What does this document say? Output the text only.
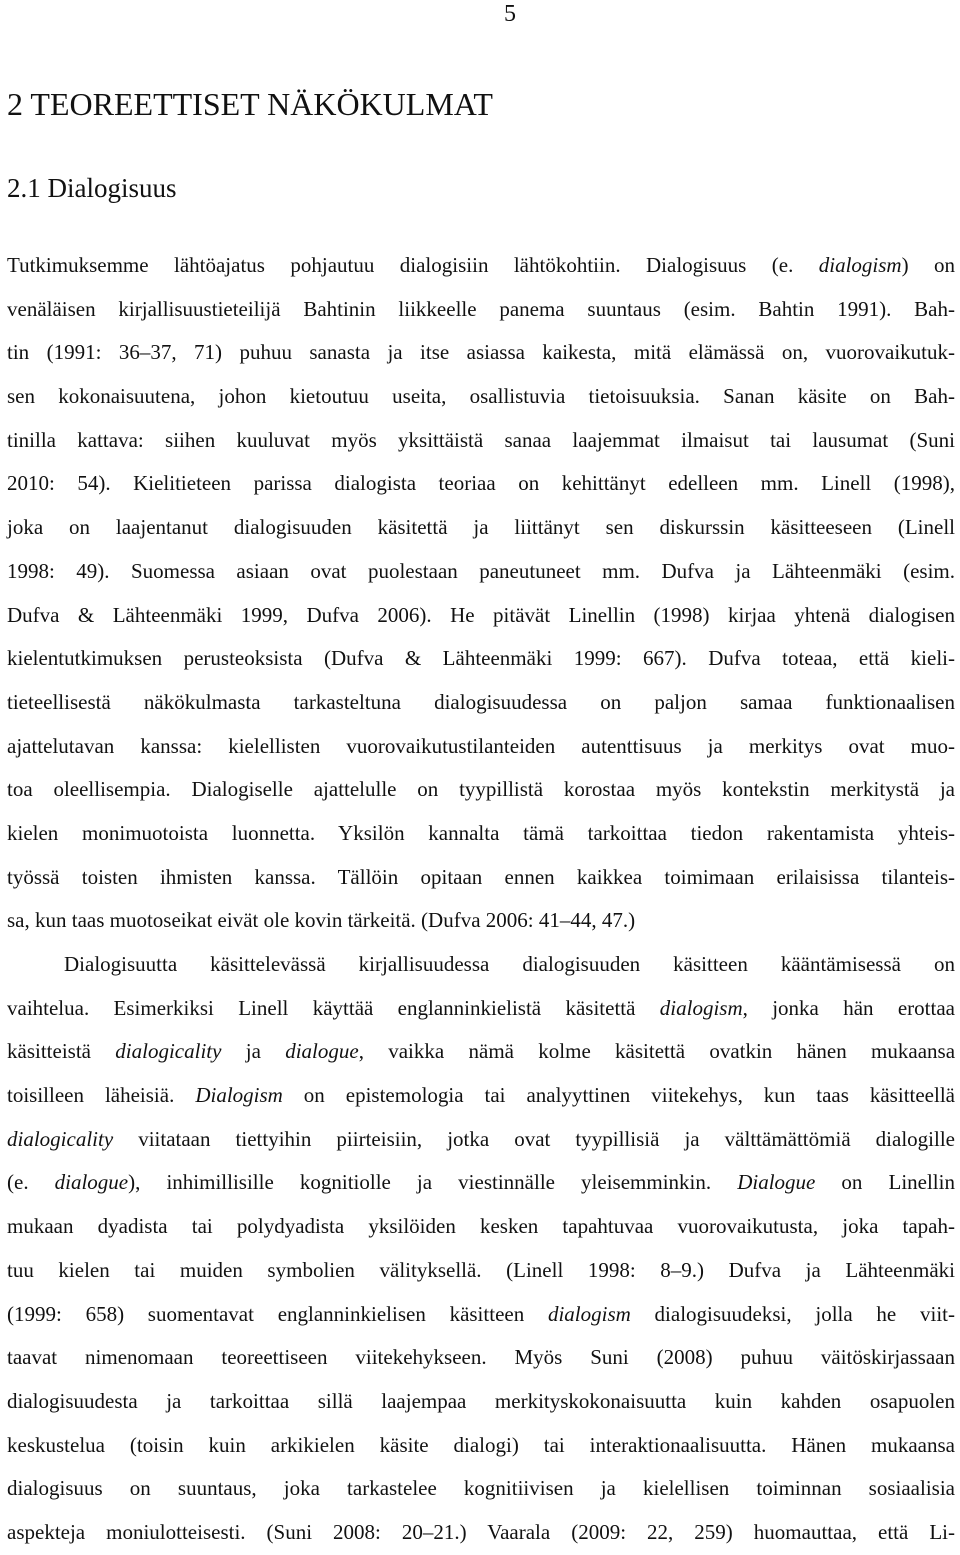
5
2 TEOREETTISET NÄKÖKULMAT
2.1 Dialogisuus
Tutkimuksemme lähtöajatus pohjautuu dialogisiin lähtökohtiin. Dialogisuus (e. dialogism) on
venäläisen kirjallisuustieteilijä Bahtinin liikkeelle panema suuntaus (esim. Bahtin 1991). Bah-
tin (1991: 36–37, 71) puhuu sanasta ja itse asiassa kaikesta, mitä elämässä on, vuorovaikutuk-
sen kokonaisuutena, johon kietoutuu useita, osallistuvia tietoisuuksia. Sanan käsite on Bah-
tinilla kattava: siihen kuuluvat myös yksittäistä sanaa laajemmat ilmaisut tai lausumat (Suni
2010: 54). Kielitieteen parissa dialogista teoriaa on kehittänyt edelleen mm. Linell (1998),
joka on laajentanut dialogisuuden käsitettä ja liittänyt sen diskurssin käsitteeseen (Linell
1998: 49). Suomessa asiaan ovat puolestaan paneutuneet mm. Dufva ja Lähteenmäki (esim.
Dufva & Lähteenmäki 1999, Dufva 2006). He pitävät Linellin (1998) kirjaa yhtenä dialogisen
kielentutkimuksen perusteoksista (Dufva & Lähteenmäki 1999: 667). Dufva toteaa, että kieli-
tieteellisestä näkökulmasta tarkasteltuna dialogisuudessa on paljon samaa funktionaalisen
ajattelutavan kanssa: kielellisten vuorovaikutustilanteiden autenttisuus ja merkitys ovat muo-
toa oleellisempia. Dialogiselle ajattelulle on tyypillistä korostaa myös kontekstin merkitystä ja
kielen monimuotoista luonnetta. Yksilön kannalta tämä tarkoittaa tiedon rakentamista yhteis-
työssä toisten ihmisten kanssa. Tällöin opitaan ennen kaikkea toimimaan erilaisissa tilanteis-
sa, kun taas muotoseikat eivät ole kovin tärkeitä. (Dufva 2006: 41–44, 47.)
Dialogisuutta käsittelevässä kirjallisuudessa dialogisuuden käsitteen kääntämisessä on
vaihtelua. Esimerkiksi Linell käyttää englanninkielistä käsitettä dialogism, jonka hän erottaa
käsitteistä dialogicality ja dialogue, vaikka nämä kolme käsitettä ovatkin hänen mukaansa
toisilleen läheisiä. Dialogism on epistemologia tai analyyttinen viitekehys, kun taas käsitteellä
dialogicality viitataan tiettyihin piirteisiin, jotka ovat tyypillisiä ja välttämättömiä dialogille
(e. dialogue), inhimillisille kognitiolle ja viestinnälle yleisemminkin. Dialogue on Linellin
mukaan dyadista tai polydyadista yksilöiden kesken tapahtuvaa vuorovaikutusta, joka tapah-
tuu kielen tai muiden symbolien välityksellä. (Linell 1998: 8–9.) Dufva ja Lähteenmäki
(1999: 658) suomentavat englanninkielisen käsitteen dialogism dialogisuudeksi, jolla he viit-
taavat nimenomaan teoreettiseen viitekehykseen. Myös Suni (2008) puhuu väitöskirjassaan
dialogisuudesta ja tarkoittaa sillä laajempaa merkityskokonaisuutta kuin kahden osapuolen
keskustelua (toisin kuin arkikielen käsite dialogi) tai interaktionaalisuutta. Hänen mukaansa
dialogisuus on suuntaus, joka tarkastelee kognitiivisen ja kielellisen toiminnan sosiaalisia
aspekteja moniulotteisesti. (Suni 2008: 20–21.) Vaarala (2009: 22, 259) huomauttaa, että Li-
